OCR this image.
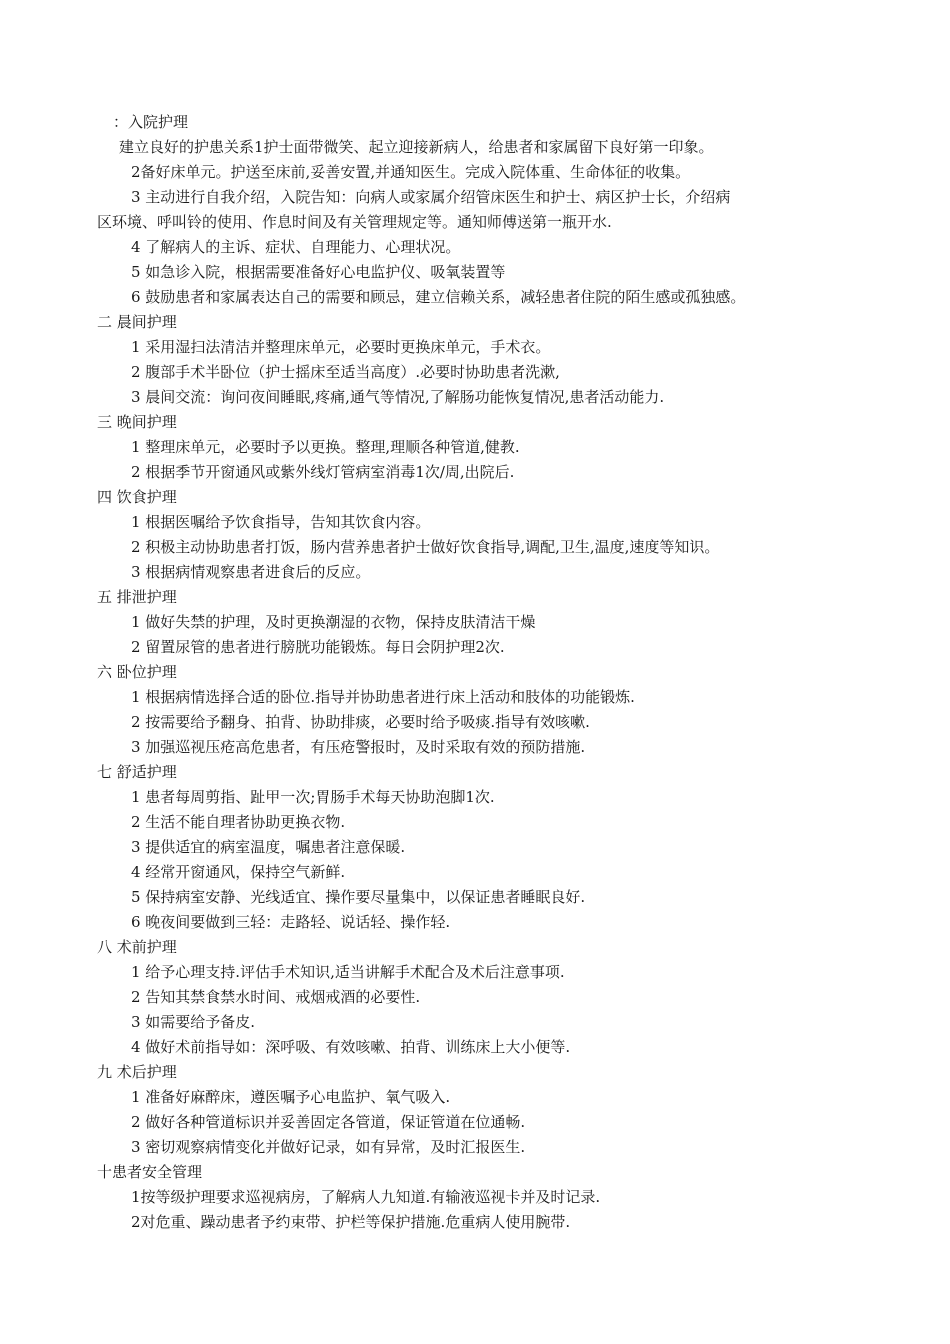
：入院护理
建立良好的护患关系1护士面带微笑、起立迎接新病人，给患者和家属留下良好第一印象。
2备好床单元。护送至床前,妥善安置,并通知医生。完成入院体重、生命体征的收集。
3 主动进行自我介绍，入院告知：向病人或家属介绍管床医生和护士、病区护士长，介绍病
区环境、呼叫铃的使用、作息时间及有关管理规定等。通知师傅送第一瓶开水.
4 了解病人的主诉、症状、自理能力、心理状况。
5 如急诊入院，根据需要准备好心电监护仪、吸氧装置等
6 鼓励患者和家属表达自己的需要和顾忌，建立信赖关系，减轻患者住院的陌生感或孤独感。
二 晨间护理
1 采用湿扫法清洁并整理床单元，必要时更换床单元，手术衣。
2 腹部手术半卧位（护士摇床至适当高度）.必要时协助患者洗漱,
3 晨间交流：询问夜间睡眠,疼痛,通气等情况,了解肠功能恢复情况,患者活动能力.
三 晚间护理
1 整理床单元，必要时予以更换。整理,理顺各种管道,健教.
2 根据季节开窗通风或紫外线灯管病室消毒1次/周,出院后.
四 饮食护理
1 根据医嘱给予饮食指导，告知其饮食内容。
2 积极主动协助患者打饭，肠内营养患者护士做好饮食指导,调配,卫生,温度,速度等知识。
3 根据病情观察患者进食后的反应。
五 排泄护理
1 做好失禁的护理，及时更换潮湿的衣物，保持皮肤清洁干燥
2 留置尿管的患者进行膀胱功能锻炼。每日会阴护理2次.
六 卧位护理
1 根据病情选择合适的卧位.指导并协助患者进行床上活动和肢体的功能锻炼.
2 按需要给予翻身、拍背、协助排痰，必要时给予吸痰.指导有效咳嗽.
3 加强巡视压疮高危患者，有压疮警报时，及时采取有效的预防措施.
七 舒适护理
1 患者每周剪指、趾甲一次;胃肠手术每天协助泡脚1次.
2 生活不能自理者协助更换衣物.
3 提供适宜的病室温度，嘱患者注意保暖.
4 经常开窗通风，保持空气新鲜.
5 保持病室安静、光线适宜、操作要尽量集中，以保证患者睡眠良好.
6 晚夜间要做到三轻：走路轻、说话轻、操作轻.
八 术前护理
1 给予心理支持.评估手术知识,适当讲解手术配合及术后注意事项.
2 告知其禁食禁水时间、戒烟戒酒的必要性.
3 如需要给予备皮.
4 做好术前指导如：深呼吸、有效咳嗽、拍背、训练床上大小便等.
九 术后护理
1 准备好麻醉床，遵医嘱予心电监护、氧气吸入.
2 做好各种管道标识并妥善固定各管道，保证管道在位通畅.
3 密切观察病情变化并做好记录，如有异常，及时汇报医生.
十患者安全管理
1按等级护理要求巡视病房，了解病人九知道.有输液巡视卡并及时记录.
2对危重、躁动患者予约束带、护栏等保护措施.危重病人使用腕带.
